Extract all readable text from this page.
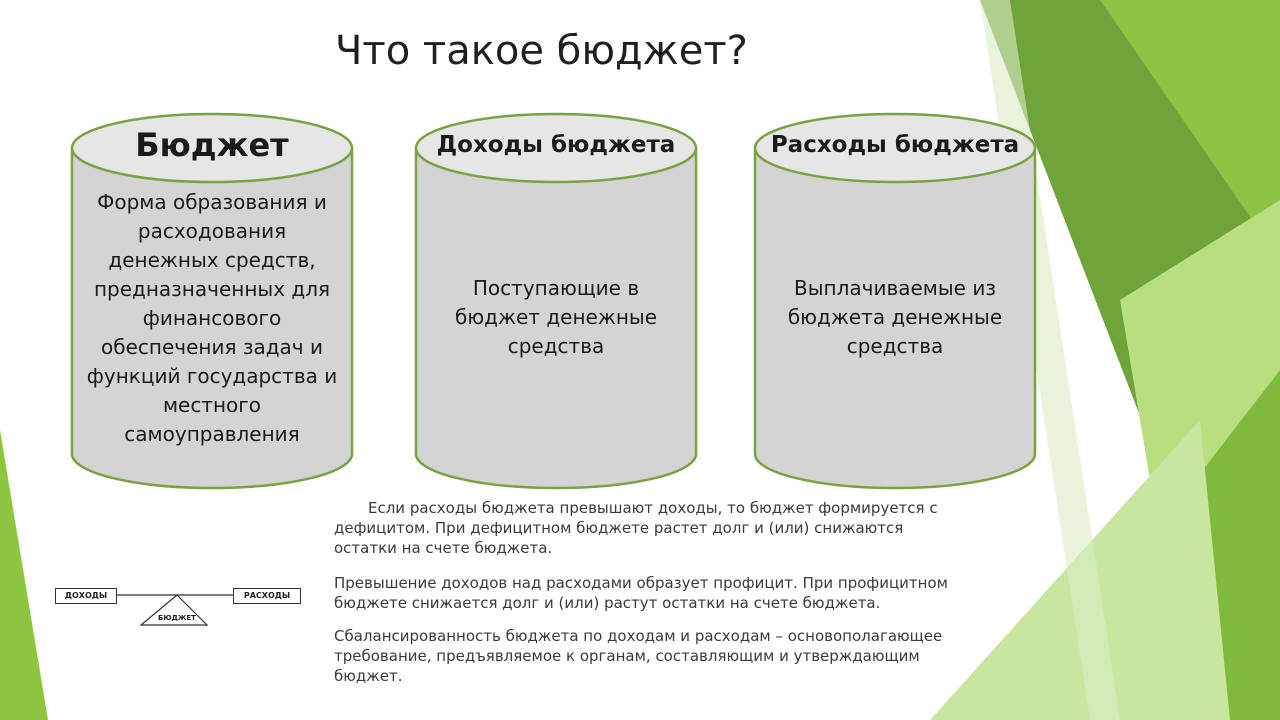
Что такое бюджет?
Бюджет
Форма образования и
расходования
денежных средств,
предназначенных для
финансового
обеспечения задач и
функций государства и
местного
самоуправления
Доходы бюджета
Поступающие в
бюджет денежные
средства
Расходы бюджета
Выплачиваемые из
бюджета денежные
средства
Если расходы бюджета превышают доходы, то бюджет формируется с
дефицитом. При дефицитном бюджете растет долг и (или) снижаются
остатки на счете бюджета.
Превышение доходов над расходами образует профицит. При профицитном
бюджете снижается долг и (или) растут остатки на счете бюджета.
Сбалансированность бюджета по доходам и расходам – основополагающее
требование, предъявляемое к органам, составляющим и утверждающим
бюджет.
ДОХОДЫ	РАСХОДЫ
БЮДЖЕТ
